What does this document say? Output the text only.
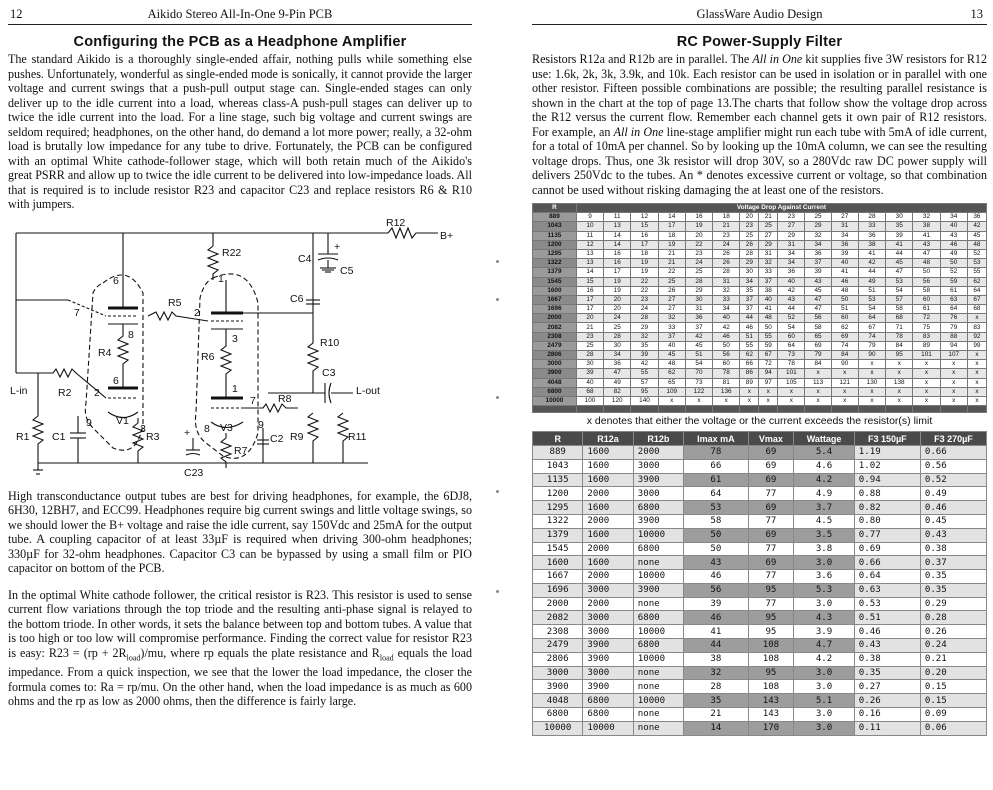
12	Aikido Stereo All-In-One 9-Pin PCB
Configuring the PCB as a Headphone Amplifier

The standard Aikido is a thoroughly single-ended affair, nothing pulls while something else pushes. Unfortunately, wonderful as single-ended mode is sonically, it cannot provide the larger voltage and current swings that a push-pull output stage can. Single-ended stages can only deliver up to the idle current into a load, whereas class-A push-pull stages can deliver up to twice the idle current into the load. For a line stage, such big voltage and current swings are seldom required; headphones, on the other hand, do demand a lot more power; really, a 32-ohm load is brutally low impedance for any tube to drive. Fortunately, the PCB can be configured with an optimal White cathode-follower stage, which will both retain much of the Aikido's great PSRR and allow up to twice the idle current to be delivered into low-impedance loads. All that is required is to include resistor R23 and capacitor C23 and replace resistors R6 & R10 with jumpers.

R12
B+
R22	C4
+
C5
6	1
R5
2
C6
7
8	3	R10
R4	R6
C3
L-out
6
1
L-in	R2 2	R8
7
V1
V3
9	3	8	9
C2
R1 C1	R3 +
R7
R9	R11
C23

High transconductance output tubes are best for driving headphones, for example, the 6DJ8, 6H30, 12BH7, and ECC99. Headphones require big current swings and little voltage swings, so we should lower the B+ voltage and raise the idle current, say 150Vdc and 25mA for the output tube. A coupling capacitor of at least 33µF is required when driving 300-ohm headphones; 330µF for 32-ohm headphones. Capacitor C3 can be bypassed by using a small film or PIO capacitor on bottom of the PCB.

In the optimal White cathode follower, the critical resistor is R23. This resistor is used to sense current flow variations through the top triode and the resulting anti-phase signal is relayed to the bottom triode. In other words, it sets the balance between top and bottom tubes. A value that is too high or too low will compromise performance. Finding the correct value for resistor R23 is easy: $R23 = (rp + 2R_{load})/mu$, where rp equals the plate resistance and $R_{load}$ equals the load impedance. From a quick inspection, we see that the lower the load impedance, the closer the formula comes to: Ra = rp/mu. On the other hand, when the load impedance is as much as 600 ohms and the rp as low as 2000 ohms, then the difference is fairly large.

GlassWare Audio Design	13
RC Power-Supply Filter

Resistors R12a and R12b are in parallel. The All in One kit supplies five 3W resistors for R12 use: 1.6k, 2k, 3k, 3.9k, and 10k. Each resistor can be used in isolation or in parallel with one other resistor. Fifteen possible combinations are possible; the resulting parallel resistance is shown in the chart at the top of page 13.The charts that follow show the voltage drop across the R12 versus the current flow. Remember each channel gets it own pair of R12 resistors. For example, an All in One line-stage amplifier might run each tube with 5mA of idle current, for a total of 10mA per channel. So by looking up the 10mA column, we can see the resulting voltage drops. Thus, one 3k resistor will drop 30V, so a 280Vdc raw DC power supply will delivers 250Vdc to the tubes. An * denotes excessive current or voltage, so that combination cannot be used without risking damaging the at least one of the resistors.

R	Voltage Drop Against Current															
889	9	11	12	14	16	18	20	21	23	25	27	28	30	32	34	36
1043	10	13	15	17	19	21	23	25	27	29	31	33	35	38	40	42
1135	11	14	16	18	20	23	25	27	29	32	34	36	39	41	43	45
1200	12	14	17	19	22	24	26	29	31	34	36	38	41	43	46	48
1295	13	16	18	21	23	26	28	31	34	36	39	41	44	47	49	52
1322	13	16	19	21	24	26	29	32	34	37	40	42	45	48	50	53
1379	14	17	19	22	25	28	30	33	36	39	41	44	47	50	52	55
1545	15	19	22	25	28	31	34	37	40	43	46	49	53	56	59	62
1600	16	19	22	26	29	32	35	38	42	45	48	51	54	58	61	64
1667	17	20	23	27	30	33	37	40	43	47	50	53	57	60	63	67
1696	17	20	24	27	31	34	37	41	44	47	51	54	58	61	64	68
2000	20	24	28	32	36	40	44	48	52	56	60	64	68	72	76	x
2082	21	25	29	33	37	42	46	50	54	58	62	67	71	75	79	83
2308	23	28	32	37	42	46	51	55	60	65	69	74	78	83	88	92
2479	25	30	35	40	45	50	55	59	64	69	74	79	84	89	94	99
2806	28	34	39	45	51	56	62	67	73	79	84	90	95	101	107	x
3000	30	36	42	48	54	60	66	72	78	84	90	x	x	x	x	x
3900	39	47	55	62	70	78	86	94	101	x	x	x	x	x	x	x
4048	40	49	57	65	73	81	89	97	105	113	121	130	138	x	x	x
6800	68	82	95	109	122	136	x	x	x	x	x	x	x	x	x	x
10000	100	120	140	x	x	x	x	x	x	x	x	x	x	x	x	x

x denotes that either the voltage or the current exceeds the resistor(s) limit
R	R12a	R12b	Imax mA	Vmax	Wattage	F3 150µF	F3 270µF
889	1600	2000	78	69	5.4	1.19	0.66
1043	1600	3000	66	69	4.6	1.02	0.56
1135	1600	3900	61	69	4.2	0.94	0.52
1200	2000	3000	64	77	4.9	0.88	0.49
1295	1600	6800	53	69	3.7	0.82	0.46
1322	2000	3900	58	77	4.5	0.80	0.45
1379	1600	10000	50	69	3.5	0.77	0.43
1545	2000	6800	50	77	3.8	0.69	0.38
1600	1600	none	43	69	3.0	0.66	0.37
1667	2000	10000	46	77	3.6	0.64	0.35
1696	3000	3900	56	95	5.3	0.63	0.35
2000	2000	none	39	77	3.0	0.53	0.29
2082	3000	6800	46	95	4.3	0.51	0.28
2308	3000	10000	41	95	3.9	0.46	0.26
2479	3900	6800	44	108	4.7	0.43	0.24
2806	3900	10000	38	108	4.2	0.38	0.21
3000	3000	none	32	95	3.0	0.35	0.20
3900	3900	none	28	108	3.0	0.27	0.15
4048	6800	10000	35	143	5.1	0.26	0.15
6800	6800	none	21	143	3.0	0.16	0.09
10000	10000	none	14	170	3.0	0.11	0.06
